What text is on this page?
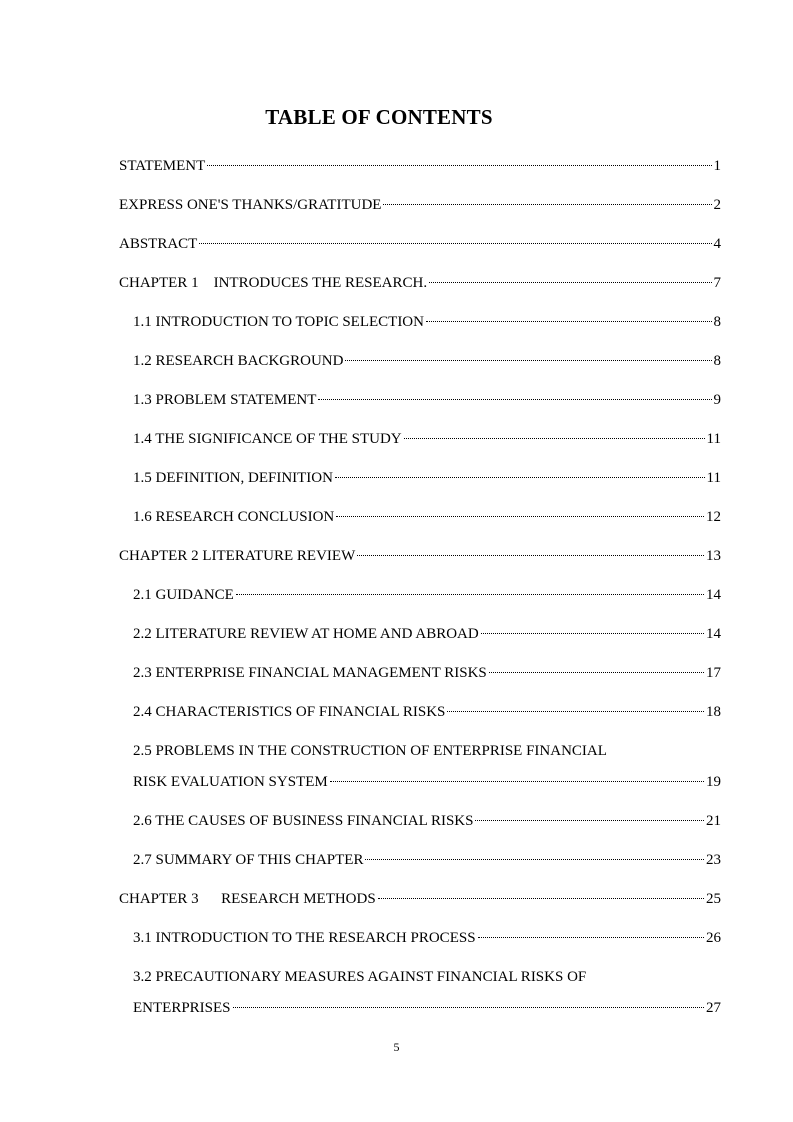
TABLE OF CONTENTS
STATEMENT	1
EXPRESS ONE'S THANKS/GRATITUDE	2
ABSTRACT	4
CHAPTER 1    INTRODUCES THE RESEARCH.	7
1.1 INTRODUCTION TO TOPIC SELECTION	8
1.2 RESEARCH BACKGROUND	8
1.3 PROBLEM STATEMENT	9
1.4 THE SIGNIFICANCE OF THE STUDY	11
1.5 DEFINITION, DEFINITION	11
1.6 RESEARCH CONCLUSION	12
CHAPTER 2 LITERATURE REVIEW	13
2.1 GUIDANCE	14
2.2 LITERATURE REVIEW AT HOME AND ABROAD	14
2.3 ENTERPRISE FINANCIAL MANAGEMENT RISKS	17
2.4 CHARACTERISTICS OF FINANCIAL RISKS	18
2.5 PROBLEMS IN THE CONSTRUCTION OF ENTERPRISE FINANCIAL
RISK EVALUATION SYSTEM	19
2.6 THE CAUSES OF BUSINESS FINANCIAL RISKS	21
2.7 SUMMARY OF THIS CHAPTER	23
CHAPTER 3      RESEARCH METHODS	25
3.1 INTRODUCTION TO THE RESEARCH PROCESS	26
3.2 PRECAUTIONARY MEASURES AGAINST FINANCIAL RISKS OF
ENTERPRISES	27
5
